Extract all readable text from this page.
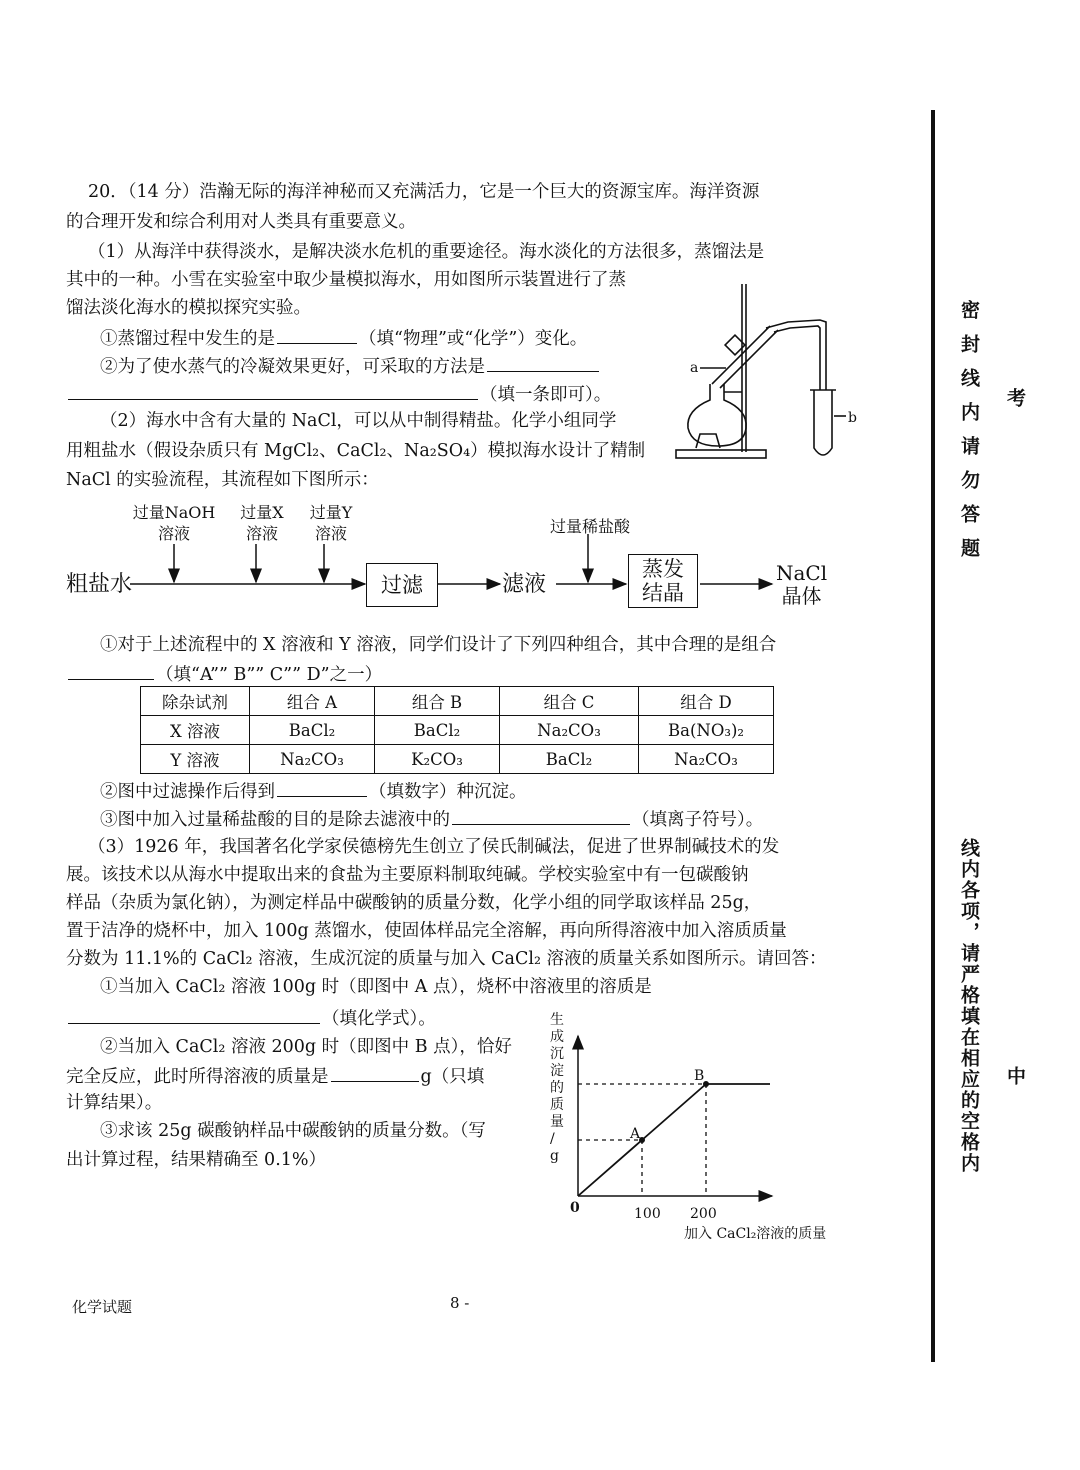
20．（14 分）浩瀚无际的海洋神秘而又充满活力，它是一个巨大的资源宝库。海洋资源
的合理开发和综合利用对人类具有重要意义。
（1）从海洋中获得淡水，是解决淡水危机的重要途径。海水淡化的方法很多，蒸馏法是
其中的一种。小雪在实验室中取少量模拟海水，用如图所示装置进行了蒸
馏法淡化海水的模拟探究实验。
①蒸馏过程中发生的是	（填“物理”或“化学”）变化。
②为了使水蒸气的冷凝效果更好，可采取的方法是
（填一条即可）。
（2）海水中含有大量的 NaCl，可以从中制得精盐。化学小组同学
用粗盐水（假设杂质只有 MgCl₂、CaCl₂、Na₂SO₄）模拟海水设计了精制
NaCl 的实验流程，其流程如下图所示：
a
b
过量NaOH
溶液
过量X
溶液
过量Y
溶液	过量稀盐酸
粗盐水	过滤	滤液
蒸发
结晶
NaCl
晶体
①对于上述流程中的 X 溶液和 Y 溶液，同学们设计了下列四种组合，其中合理的是组合
（填“A”” B”” C”” D”之一）
除杂试剂	组合 A	组合 B	组合 C	组合 D
X 溶液	BaCl₂	BaCl₂	Na₂CO₃	Ba(NO₃)₂
Y 溶液	Na₂CO₃	K₂CO₃	BaCl₂	Na₂CO₃
②图中过滤操作后得到	（填数字）种沉淀。
③图中加入过量稀盐酸的目的是除去滤液中的	（填离子符号）。
（3）1926 年，我国著名化学家侯德榜先生创立了侯氏制碱法，促进了世界制碱技术的发
展。该技术以从海水中提取出来的食盐为主要原料制取纯碱。学校实验室中有一包碳酸钠
样品（杂质为氯化钠），为测定样品中碳酸钠的质量分数，化学小组的同学取该样品 25g，
置于洁净的烧杯中，加入 100g 蒸馏水，使固体样品完全溶解，再向所得溶液中加入溶质质量
分数为 11.1%的 CaCl₂ 溶液，生成沉淀的质量与加入 CaCl₂ 溶液的质量关系如图所示。请回答：
①当加入 CaCl₂ 溶液 100g 时（即图中 A 点），烧杯中溶液里的溶质是
（填化学式）。
②当加入 CaCl₂ 溶液 200g 时（即图中 B 点），恰好
完全反应，此时所得溶液的质量是	g（只填
计算结果）。
③求该 25g 碳酸钠样品中碳酸钠的质量分数。（写
出计算过程，结果精确至 0.1%）
生
成
沉
淀
的
质
量
/
g
0	100 200
加入 CaCl₂溶液的质量
A
B
化学试题	8 -
密封线内请勿答题
线内各项，请严格填在相应的空格内
考
中
